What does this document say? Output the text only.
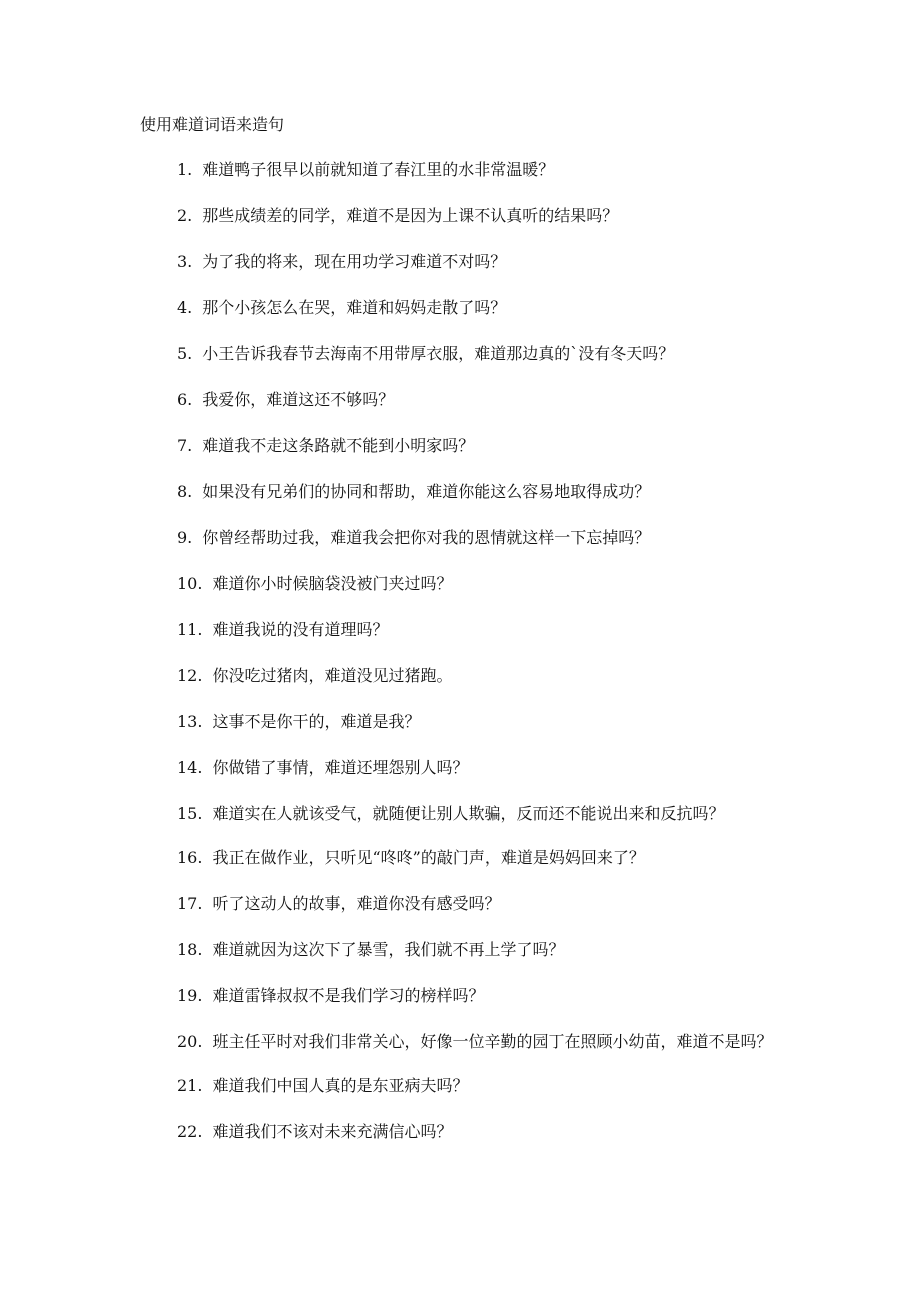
使用难道词语来造句
1. 难道鸭子很早以前就知道了春江里的水非常温暖？
2. 那些成绩差的同学，难道不是因为上课不认真听的结果吗？
3. 为了我的将来，现在用功学习难道不对吗？
4. 那个小孩怎么在哭，难道和妈妈走散了吗？
5. 小王告诉我春节去海南不用带厚衣服，难道那边真的`没有冬天吗？
6. 我爱你，难道这还不够吗？
7. 难道我不走这条路就不能到小明家吗？
8. 如果没有兄弟们的协同和帮助，难道你能这么容易地取得成功？
9. 你曾经帮助过我，难道我会把你对我的恩情就这样一下忘掉吗？
10. 难道你小时候脑袋没被门夹过吗？
11. 难道我说的没有道理吗？
12. 你没吃过猪肉，难道没见过猪跑。
13. 这事不是你干的，难道是我？
14. 你做错了事情，难道还埋怨别人吗？
15. 难道实在人就该受气，就随便让别人欺骗，反而还不能说出来和反抗吗？
16. 我正在做作业，只听见“咚咚”的敲门声，难道是妈妈回来了？
17. 听了这动人的故事，难道你没有感受吗？
18. 难道就因为这次下了暴雪，我们就不再上学了吗？
19. 难道雷锋叔叔不是我们学习的榜样吗？
20. 班主任平时对我们非常关心，好像一位辛勤的园丁在照顾小幼苗，难道不是吗？
21. 难道我们中国人真的是东亚病夫吗？
22. 难道我们不该对未来充满信心吗？
